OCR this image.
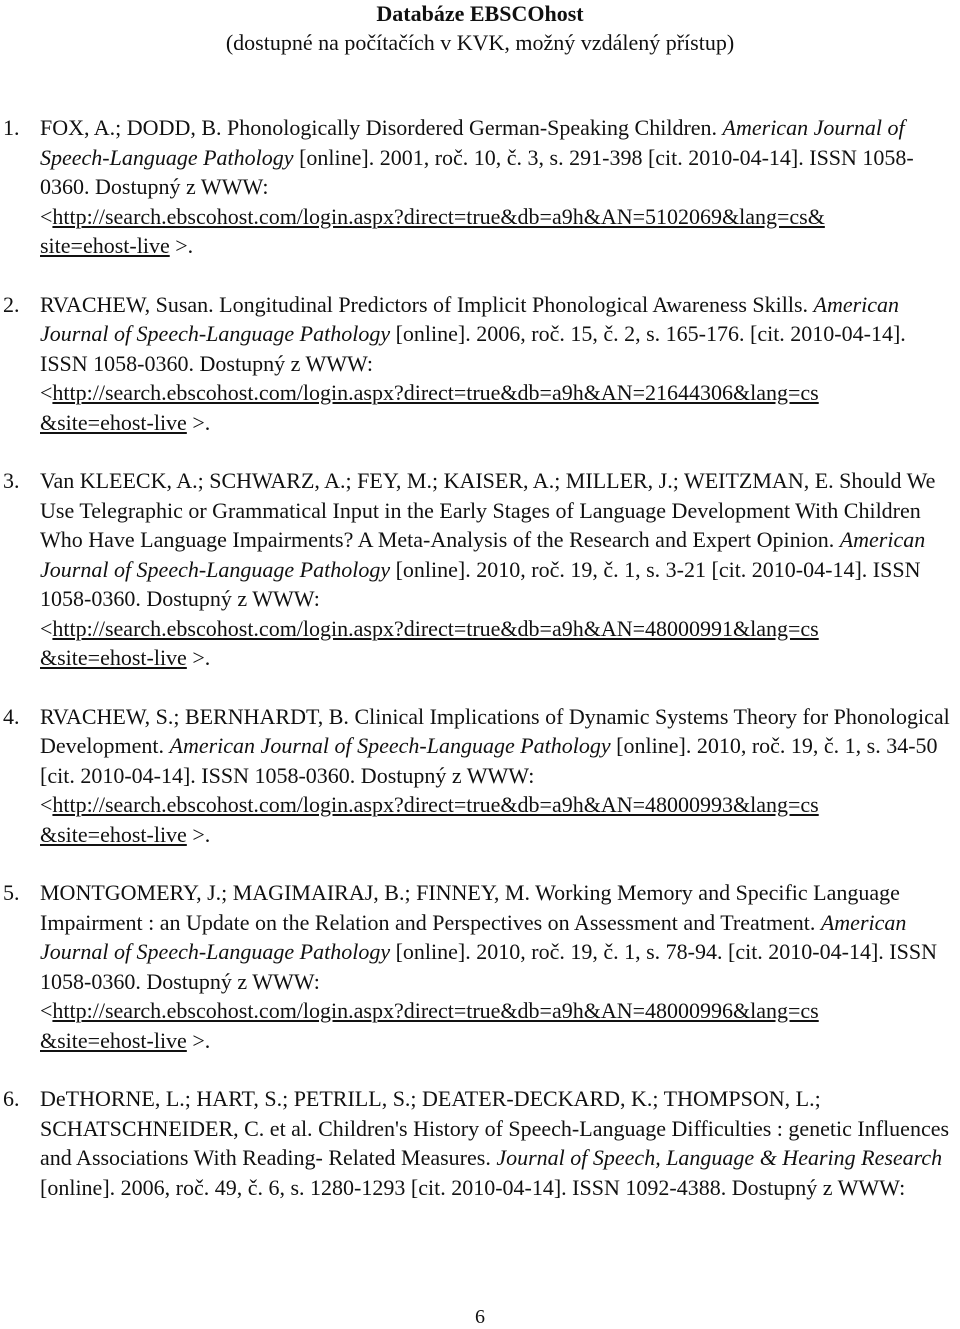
Databáze EBSCOhost
(dostupné na počítačích v KVK, možný vzdálený přístup)
1. FOX, A.; DODD, B. Phonologically Disordered German-Speaking Children. American Journal of Speech-Language Pathology [online]. 2001, roč. 10, č. 3, s. 291-398 [cit. 2010-04-14]. ISSN 1058-0360. Dostupný z WWW:
<http://search.ebscohost.com/login.aspx?direct=true&db=a9h&AN=5102069&lang=cs&
site=ehost-live >.
2. RVACHEW, Susan. Longitudinal Predictors of Implicit Phonological Awareness Skills. American Journal of Speech-Language Pathology [online]. 2006, roč. 15, č. 2, s. 165-176. [cit. 2010-04-14]. ISSN 1058-0360. Dostupný z WWW:
<http://search.ebscohost.com/login.aspx?direct=true&db=a9h&AN=21644306&lang=cs
&site=ehost-live >.
3. Van KLEECK, A.; SCHWARZ, A.; FEY, M.; KAISER, A.; MILLER, J.; WEITZMAN, E. Should We Use Telegraphic or Grammatical Input in the Early Stages of Language Development With Children Who Have Language Impairments? A Meta-Analysis of the Research and Expert Opinion. American Journal of Speech-Language Pathology [online]. 2010, roč. 19, č. 1, s. 3-21 [cit. 2010-04-14]. ISSN 1058-0360. Dostupný z WWW:
<http://search.ebscohost.com/login.aspx?direct=true&db=a9h&AN=48000991&lang=cs
&site=ehost-live >.
4. RVACHEW, S.; BERNHARDT, B. Clinical Implications of Dynamic Systems Theory for Phonological Development. American Journal of Speech-Language Pathology [online]. 2010, roč. 19, č. 1, s. 34-50 [cit. 2010-04-14]. ISSN 1058-0360. Dostupný z WWW:
<http://search.ebscohost.com/login.aspx?direct=true&db=a9h&AN=48000993&lang=cs
&site=ehost-live >.
5. MONTGOMERY, J.; MAGIMAIRAJ, B.; FINNEY, M. Working Memory and Specific Language Impairment : an Update on the Relation and Perspectives on Assessment and Treatment. American Journal of Speech-Language Pathology [online]. 2010, roč. 19, č. 1, s. 78-94. [cit. 2010-04-14]. ISSN 1058-0360. Dostupný z WWW:
<http://search.ebscohost.com/login.aspx?direct=true&db=a9h&AN=48000996&lang=cs
&site=ehost-live >.
6. DeTHORNE, L.; HART, S.; PETRILL, S.; DEATER-DECKARD, K.; THOMPSON, L.; SCHATSCHNEIDER, C. et al. Children's History of Speech-Language Difficulties : genetic Influences and Associations With Reading- Related Measures. Journal of Speech, Language & Hearing Research [online]. 2006, roč. 49, č. 6, s. 1280-1293 [cit. 2010-04-14]. ISSN 1092-4388. Dostupný z WWW:
6
